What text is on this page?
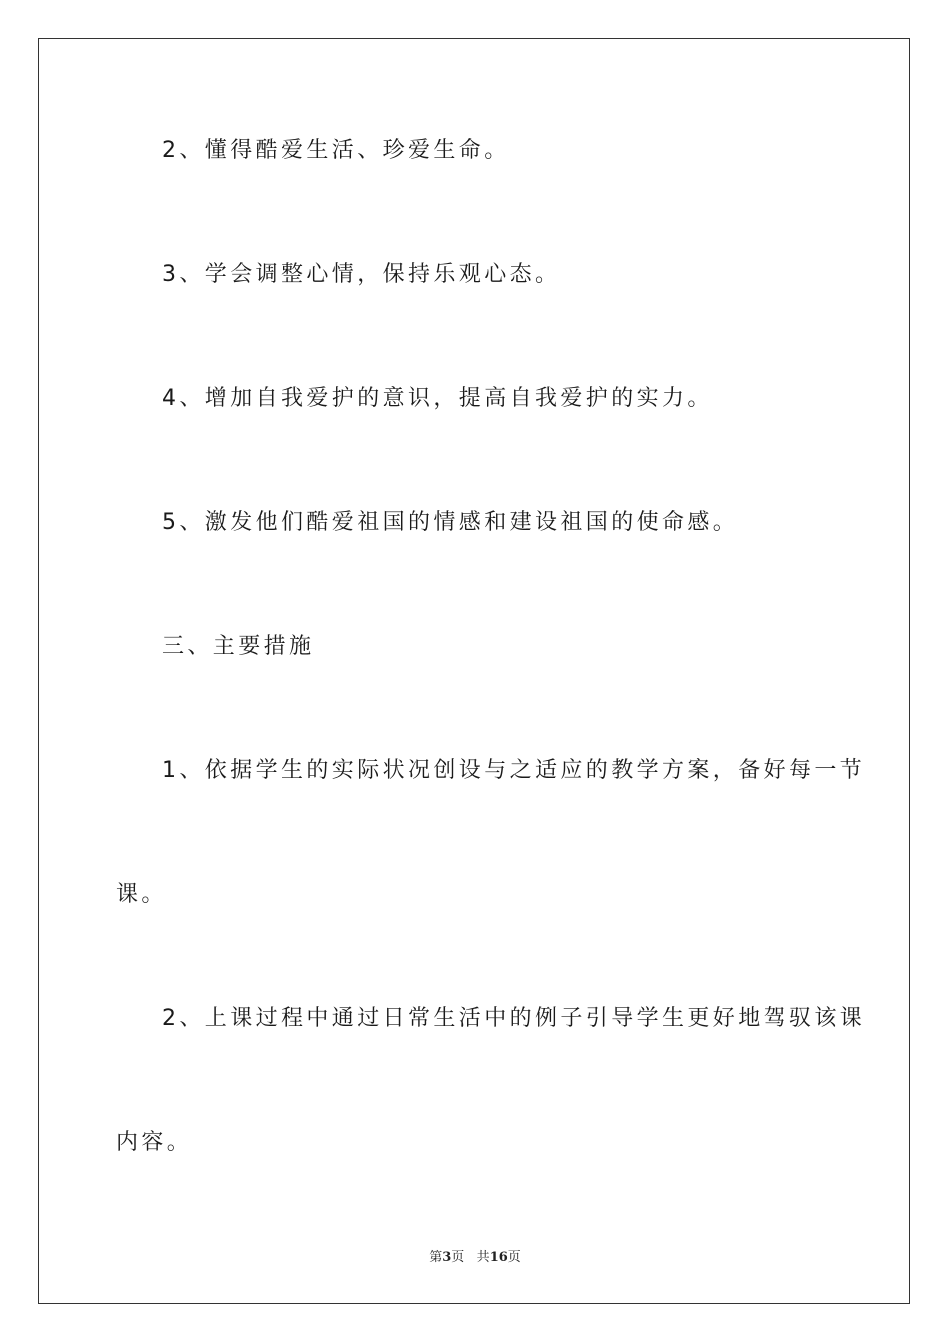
2、懂得酷爱生活、珍爱生命。
3、学会调整心情，保持乐观心态。
4、增加自我爱护的意识，提高自我爱护的实力。
5、激发他们酷爱祖国的情感和建设祖国的使命感。
三、主要措施
1、依据学生的实际状况创设与之适应的教学方案，备好每一节
课。
2、上课过程中通过日常生活中的例子引导学生更好地驾驭该课
内容。
第3页 共16页
